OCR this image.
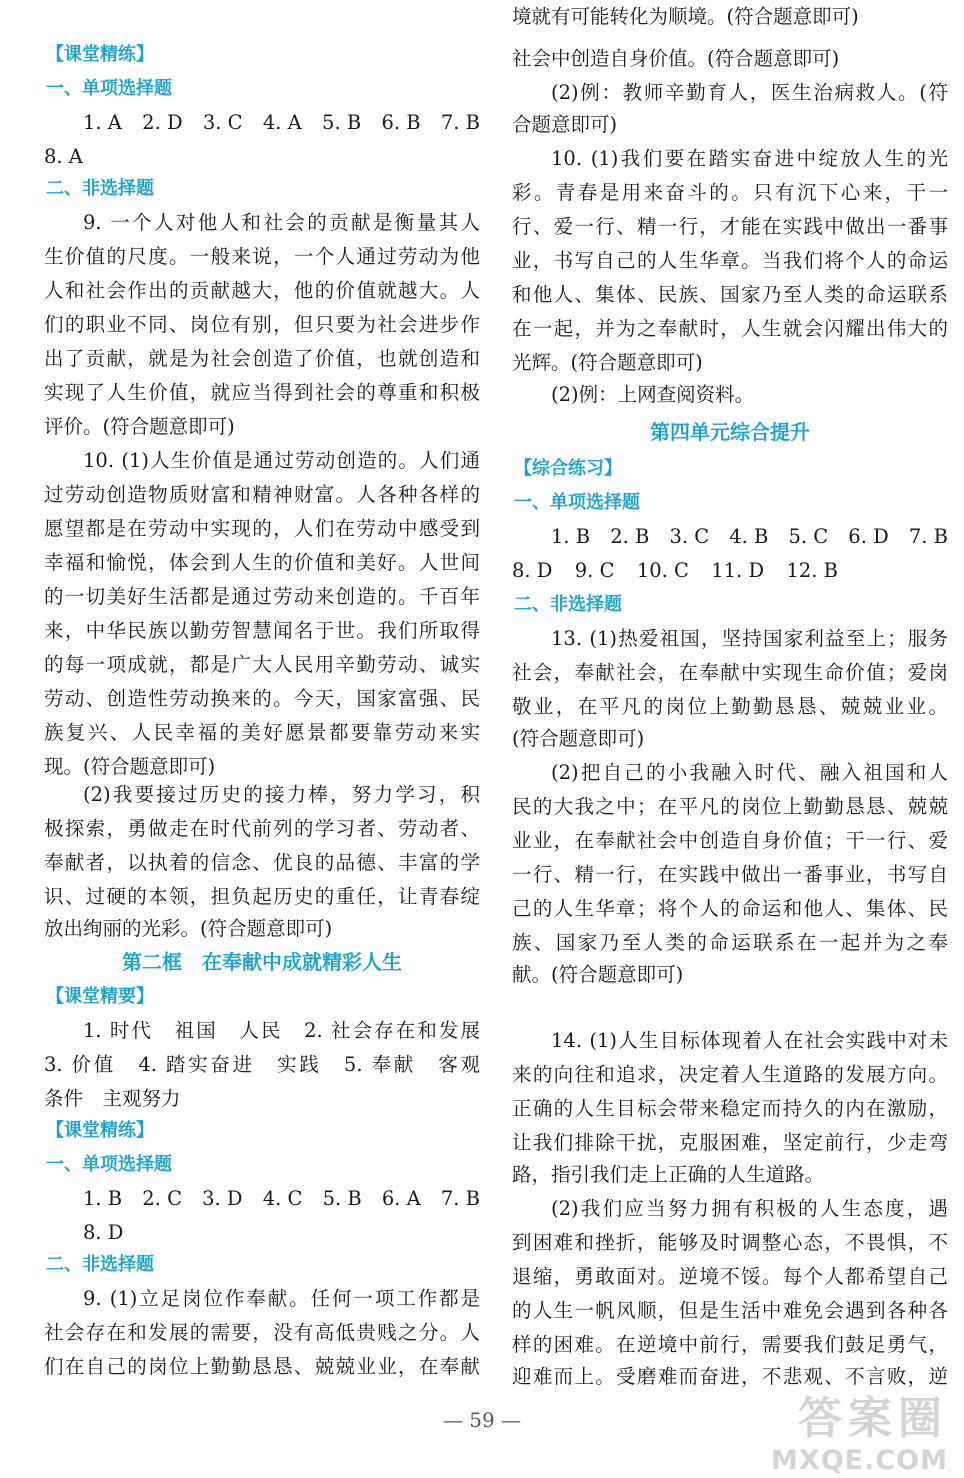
【课堂精练】
一、单项选择题
1. A 2. D 3. C 4. A 5. B 6. B 7. B
8. A
二、非选择题
9. 一个人对他人和社会的贡献是衡量其人
生价值的尺度。一般来说，一个人通过劳动为他
人和社会作出的贡献越大，他的价值就越大。人
们的职业不同、岗位有别，但只要为社会进步作
出了贡献，就是为社会创造了价值，也就创造和
实现了人生价值，就应当得到社会的尊重和积极
评价。(符合题意即可)
10. (1)人生价值是通过劳动创造的。人们通
过劳动创造物质财富和精神财富。人各种各样的
愿望都是在劳动中实现的，人们在劳动中感受到
幸福和愉悦，体会到人生的价值和美好。人世间
的一切美好生活都是通过劳动来创造的。千百年
来，中华民族以勤劳智慧闻名于世。我们所取得
的每一项成就，都是广大人民用辛勤劳动、诚实
劳动、创造性劳动换来的。今天，国家富强、民
族复兴、人民幸福的美好愿景都要靠劳动来实
现。(符合题意即可)
(2)我要接过历史的接力棒，努力学习，积
极探索，勇做走在时代前列的学习者、劳动者、
奉献者，以执着的信念、优良的品德、丰富的学
识、过硬的本领，担负起历史的重任，让青春绽
放出绚丽的光彩。(符合题意即可)
第二框　在奉献中成就精彩人生
【课堂精要】
1. 时代　祖国　人民　2. 社会存在和发展
3. 价值　4. 踏实奋进　实践　5. 奉献　客观
条件　主观努力
【课堂精练】
一、单项选择题
1. B 2. C 3. D 4. C 5. B 6. A 7. B
8. D
二、非选择题
9. (1)立足岗位作奉献。任何一项工作都是
社会存在和发展的需要，没有高低贵贱之分。人
们在自己的岗位上勤勤恳恳、兢兢业业，在奉献
社会中创造自身价值。(符合题意即可)
(2)例：教师辛勤育人，医生治病救人。(符
合题意即可)
10. (1)我们要在踏实奋进中绽放人生的光
彩。青春是用来奋斗的。只有沉下心来，干一
行、爱一行、精一行，才能在实践中做出一番事
业，书写自己的人生华章。当我们将个人的命运
和他人、集体、民族、国家乃至人类的命运联系
在一起，并为之奉献时，人生就会闪耀出伟大的
光辉。(符合题意即可)
(2)例：上网查阅资料。
第四单元综合提升
【综合练习】
一、单项选择题
1. B 2. B 3. C 4. B 5. C 6. D 7. B
8. D 9. C 10. C 11. D 12. B
二、非选择题
13. (1)热爱祖国，坚持国家利益至上；服务
社会，奉献社会，在奉献中实现生命价值；爱岗
敬业，在平凡的岗位上勤勤恳恳、兢兢业业。
(符合题意即可)
(2)把自己的小我融入时代、融入祖国和人
民的大我之中；在平凡的岗位上勤勤恳恳、兢兢
业业，在奉献社会中创造自身价值；干一行、爱
一行、精一行，在实践中做出一番事业，书写自
己的人生华章；将个人的命运和他人、集体、民
族、国家乃至人类的命运联系在一起并为之奉
献。(符合题意即可)
14. (1)人生目标体现着人在社会实践中对未
来的向往和追求，决定着人生道路的发展方向。
正确的人生目标会带来稳定而持久的内在激励，
让我们排除干扰，克服困难，坚定前行，少走弯
路，指引我们走上正确的人生道路。
(2)我们应当努力拥有积极的人生态度，遇
到困难和挫折，能够及时调整心态，不畏惧，不
退缩，勇敢面对。逆境不馁。每个人都希望自己
的人生一帆风顺，但是生活中难免会遇到各种各
样的困难。在逆境中前行，需要我们鼓足勇气，
迎难而上。受磨难而奋进，不悲观、不言败，逆
境就有可能转化为顺境。(符合题意即可)
— 59 —	答案圈
MXQE.COM
